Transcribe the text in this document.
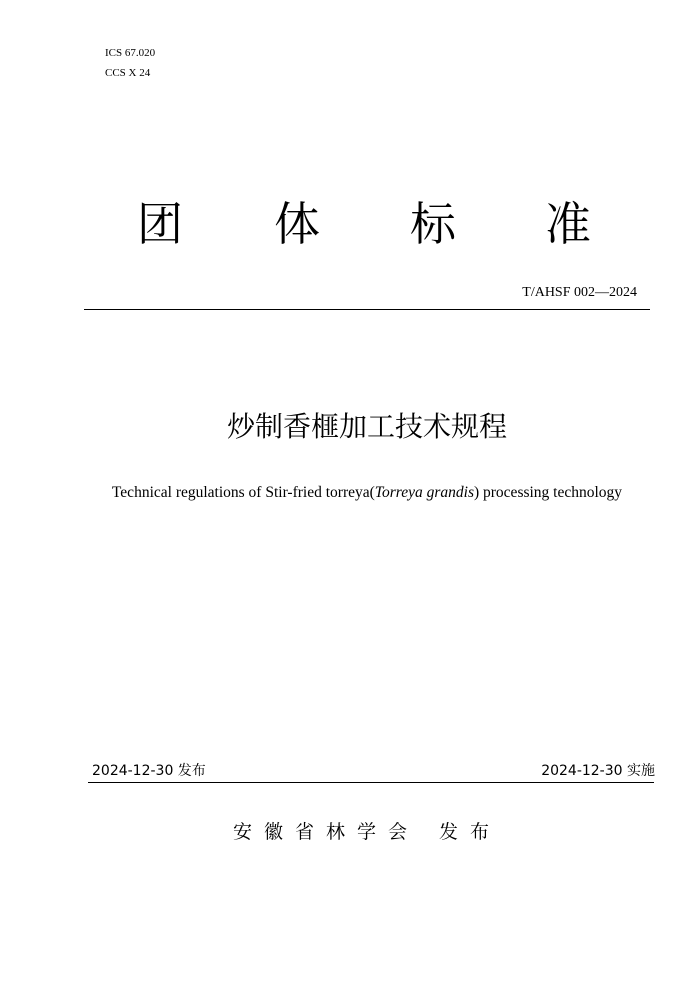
ICS 67.020
CCS X 24
团 体 标 准
T/AHSF 002—2024
炒制香榧加工技术规程
Technical regulations of Stir-fried torreya(Torreya grandis) processing technology
2024-12-30 发布	2024-12-30 实施
安徽省林学会 发布
